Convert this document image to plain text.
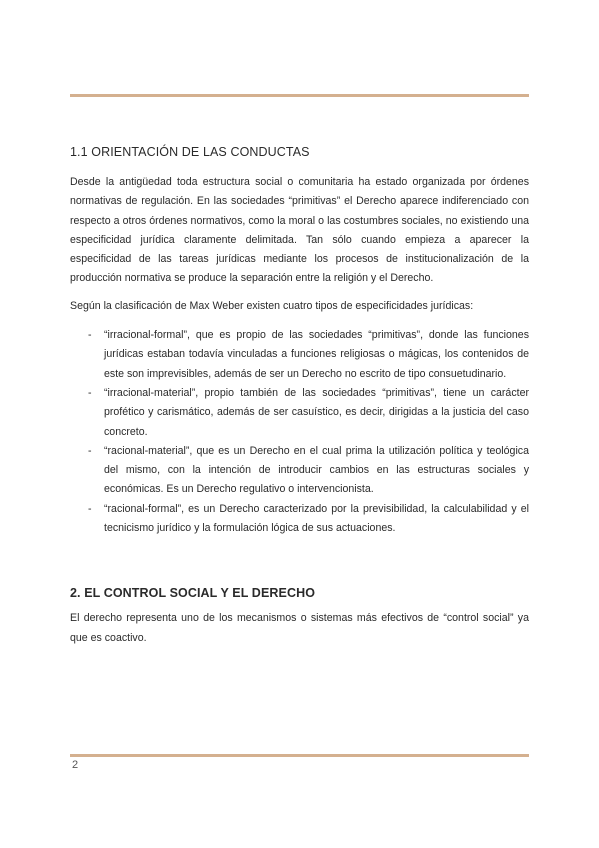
1.1 ORIENTACIÓN DE LAS CONDUCTAS

Desde la antigüedad toda estructura social o comunitaria ha estado organizada por órdenes normativas de regulación. En las sociedades “primitivas” el Derecho aparece indiferenciado con respecto a otros órdenes normativos, como la moral o las costumbres sociales, no existiendo una especificidad jurídica claramente delimitada. Tan sólo cuando empieza a aparecer la especificidad de las tareas jurídicas mediante los procesos de institucionalización de la producción normativa se produce la separación entre la religión y el Derecho.

Según la clasificación de Max Weber existen cuatro tipos de especificidades jurídicas:

- “irracional-formal”, que es propio de las sociedades “primitivas”, donde las funciones jurídicas estaban todavía vinculadas a funciones religiosas o mágicas, los contenidos de este son imprevisibles, además de ser un Derecho no escrito de tipo consuetudinario.
- “irracional-material”, propio también de las sociedades “primitivas”, tiene un carácter profético y carismático, además de ser casuístico, es decir, dirigidas a la justicia del caso concreto.
- “racional-material”, que es un Derecho en el cual prima la utilización política y teológica del mismo, con la intención de introducir cambios en las estructuras sociales y económicas. Es un Derecho regulativo o intervencionista.
- “racional-formal”, es un Derecho caracterizado por la previsibilidad, la calculabilidad y el tecnicismo jurídico y la formulación lógica de sus actuaciones.
2. EL CONTROL SOCIAL Y EL DERECHO

El derecho representa uno de los mecanismos o sistemas más efectivos de “control social” ya que es coactivo.

2
